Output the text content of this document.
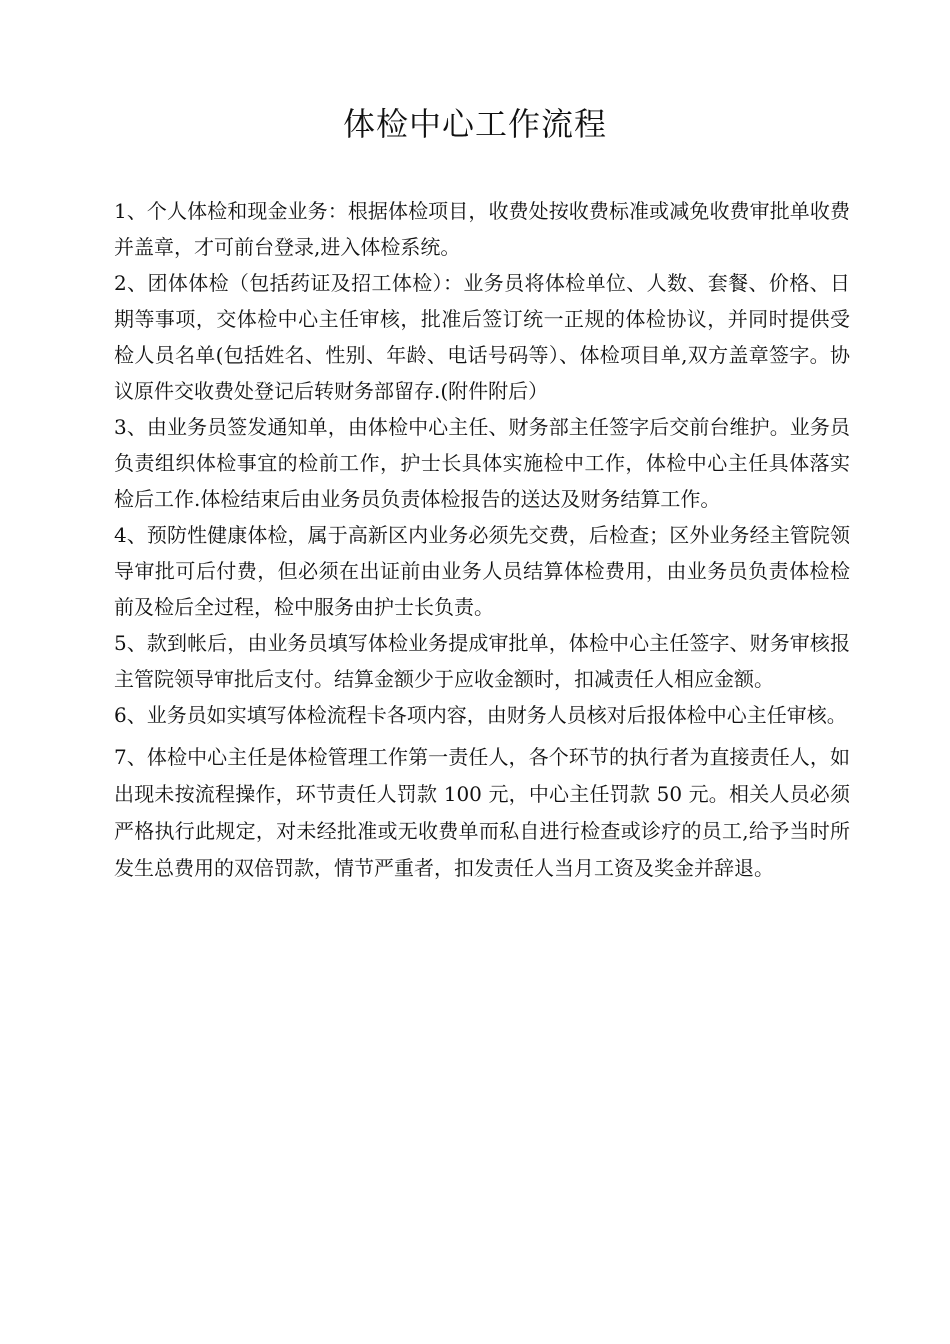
体检中心工作流程

1、个人体检和现金业务：根据体检项目，收费处按收费标准或减免收费审批单收费并盖章，才可前台登录,进入体检系统。

2、团体体检（包括药证及招工体检）：业务员将体检单位、人数、套餐、价格、日期等事项，交体检中心主任审核，批准后签订统一正规的体检协议，并同时提供受检人员名单(包括姓名、性别、年龄、电话号码等）、体检项目单,双方盖章签字。协议原件交收费处登记后转财务部留存.(附件附后）

3、由业务员签发通知单，由体检中心主任、财务部主任签字后交前台维护。业务员负责组织体检事宜的检前工作，护士长具体实施检中工作，体检中心主任具体落实检后工作.体检结束后由业务员负责体检报告的送达及财务结算工作。

4、预防性健康体检，属于高新区内业务必须先交费，后检查；区外业务经主管院领导审批可后付费，但必须在出证前由业务人员结算体检费用，由业务员负责体检检前及检后全过程，检中服务由护士长负责。

5、款到帐后，由业务员填写体检业务提成审批单，体检中心主任签字、财务审核报主管院领导审批后支付。结算金额少于应收金额时，扣减责任人相应金额。

6、业务员如实填写体检流程卡各项内容，由财务人员核对后报体检中心主任审核。

7、体检中心主任是体检管理工作第一责任人，各个环节的执行者为直接责任人，如出现未按流程操作，环节责任人罚款 100 元，中心主任罚款 50 元。相关人员必须严格执行此规定，对未经批准或无收费单而私自进行检查或诊疗的员工,给予当时所发生总费用的双倍罚款，情节严重者，扣发责任人当月工资及奖金并辞退。
